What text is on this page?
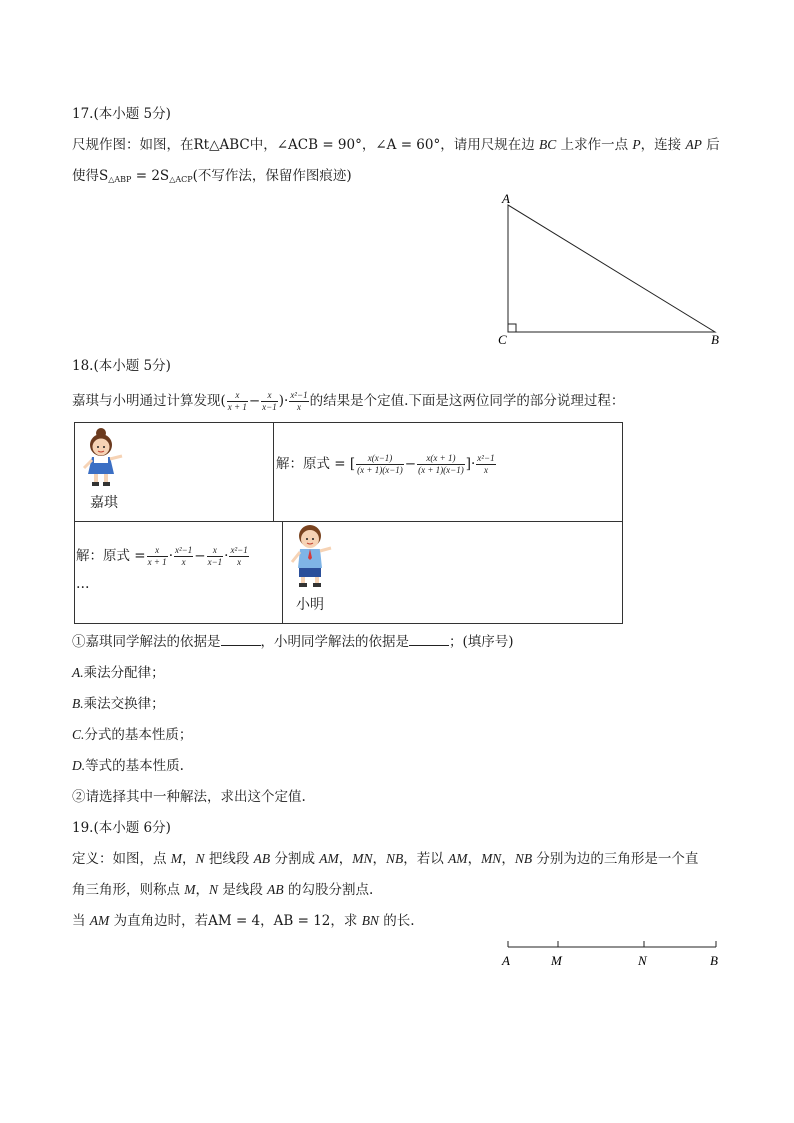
17.(本小题 5分)
尺规作图：如图，在Rt△ABC中，∠ACB = 90°，∠A = 60°，请用尺规在边 BC 上求作一点 P，连接 AP 后
使得$S_{\triangle ABP} = 2S_{\triangle ACP}$(不写作法，保留作图痕迹)
A
C	B
18.(本小题 5分)
嘉琪与小明通过计算发现( $\frac{x}{x + 1} - \frac{x}{x-1}$ )· $\frac{\text{x²−1}}{x}$ 的结果是个定值.下面是这两位同学的部分说理过程：
嘉琪
解：原式 = [ $\frac{x(x-1)}{(x + 1)(x-1)} - \frac{x(x + 1)}{(x + 1)(x-1)}$ ]· $\frac{\text{x²−1}}{x}$
解：原式 = $\frac{x}{x + 1} \cdot \frac{\text{x²−1}}{x} - \frac{x}{x-1} \cdot \frac{\text{x²−1}}{x}$
…
小明
①嘉琪同学解法的依据是	，小明同学解法的依据是	；(填序号)
A.乘法分配律；
B.乘法交换律；
C.分式的基本性质；
D.等式的基本性质.
②请选择其中一种解法，求出这个定值.
19.(本小题 6分)
定义：如图，点 M，N 把线段 AB 分割成 AM，MN，NB，若以 AM，MN，NB 分别为边的三角形是一个直
角三角形，则称点 M，N 是线段 AB 的勾股分割点.
当 AM 为直角边时，若AM = 4，AB = 12，求 BN 的长.
A	M	N	B
